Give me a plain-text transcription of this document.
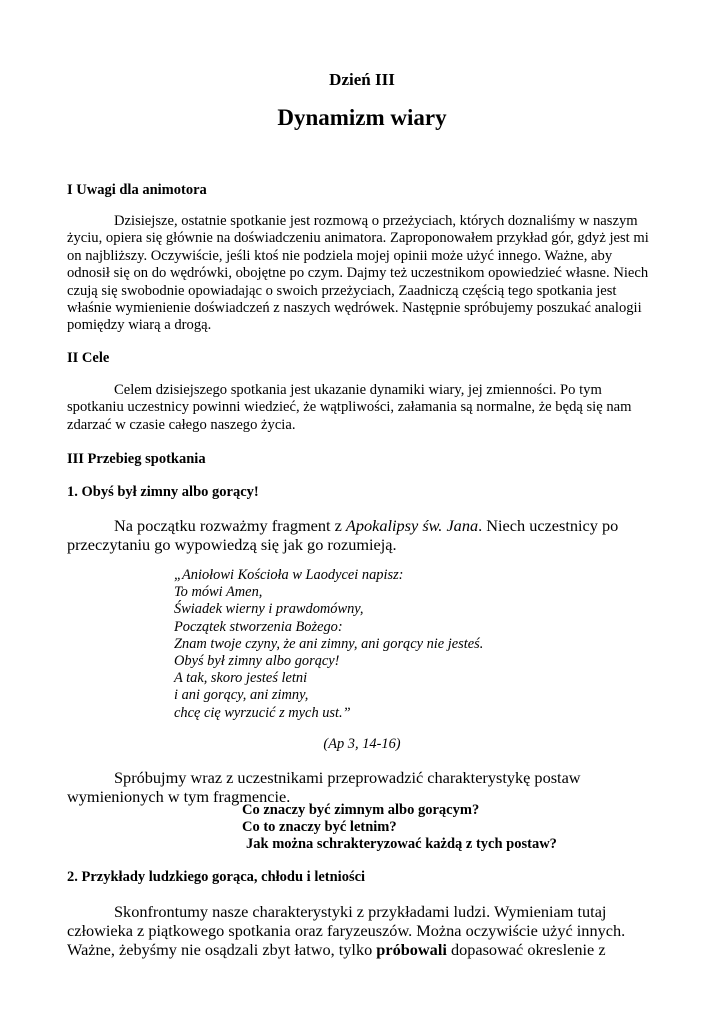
Dzień III
Dynamizm wiary
I Uwagi dla animotora
Dzisiejsze, ostatnie spotkanie jest rozmową o przeżyciach, których doznaliśmy w naszym
życiu, opiera się głównie na doświadczeniu animatora. Zaproponowałem przykład gór, gdyż jest mi
on najbliższy. Oczywiście, jeśli ktoś nie podziela mojej opinii może użyć innego. Ważne, aby
odnosił się on do wędrówki, obojętne po czym. Dajmy też uczestnikom opowiedzieć własne. Niech
czują się swobodnie opowiadając o swoich przeżyciach, Zaadniczą częścią tego spotkania jest
właśnie wymienienie doświadczeń z naszych wędrówek. Następnie spróbujemy poszukać analogii
pomiędzy wiarą a drogą.
II Cele
Celem dzisiejszego spotkania jest ukazanie dynamiki wiary, jej zmienności. Po tym
spotkaniu uczestnicy powinni wiedzieć, że wątpliwości, załamania są normalne, że będą się nam
zdarzać w czasie całego naszego życia.
III Przebieg spotkania
1. Obyś był zimny albo gorący!
Na początku rozważmy fragment z Apokalipsy św. Jana. Niech uczestnicy po
przeczytaniu go wypowiedzą się jak go rozumieją.
„Aniołowi Kościoła w Laodycei napisz:
To mówi Amen,
Świadek wierny i prawdomówny,
Początek stworzenia Bożego:
Znam twoje czyny, że ani zimny, ani gorący nie jesteś.
Obyś był zimny albo gorący!
A tak, skoro jesteś letni
i ani gorący, ani zimny,
chcę cię wyrzucić z mych ust.”
(Ap 3, 14-16)
Spróbujmy wraz z uczestnikami przeprowadzić charakterystykę postaw
wymienionych w tym fragmencie.
Co znaczy być zimnym albo gorącym?
Co to znaczy być letnim?
Jak można schrakteryzować każdą z tych postaw?
2. Przykłady ludzkiego gorąca, chłodu i letniości
Skonfrontumy nasze charakterystyki z przykładami ludzi. Wymieniam tutaj
człowieka z piątkowego spotkania oraz faryzeuszów. Można oczywiście użyć innych.
Ważne, żebyśmy nie osądzali zbyt łatwo, tylko próbowali dopasować okreslenie z
